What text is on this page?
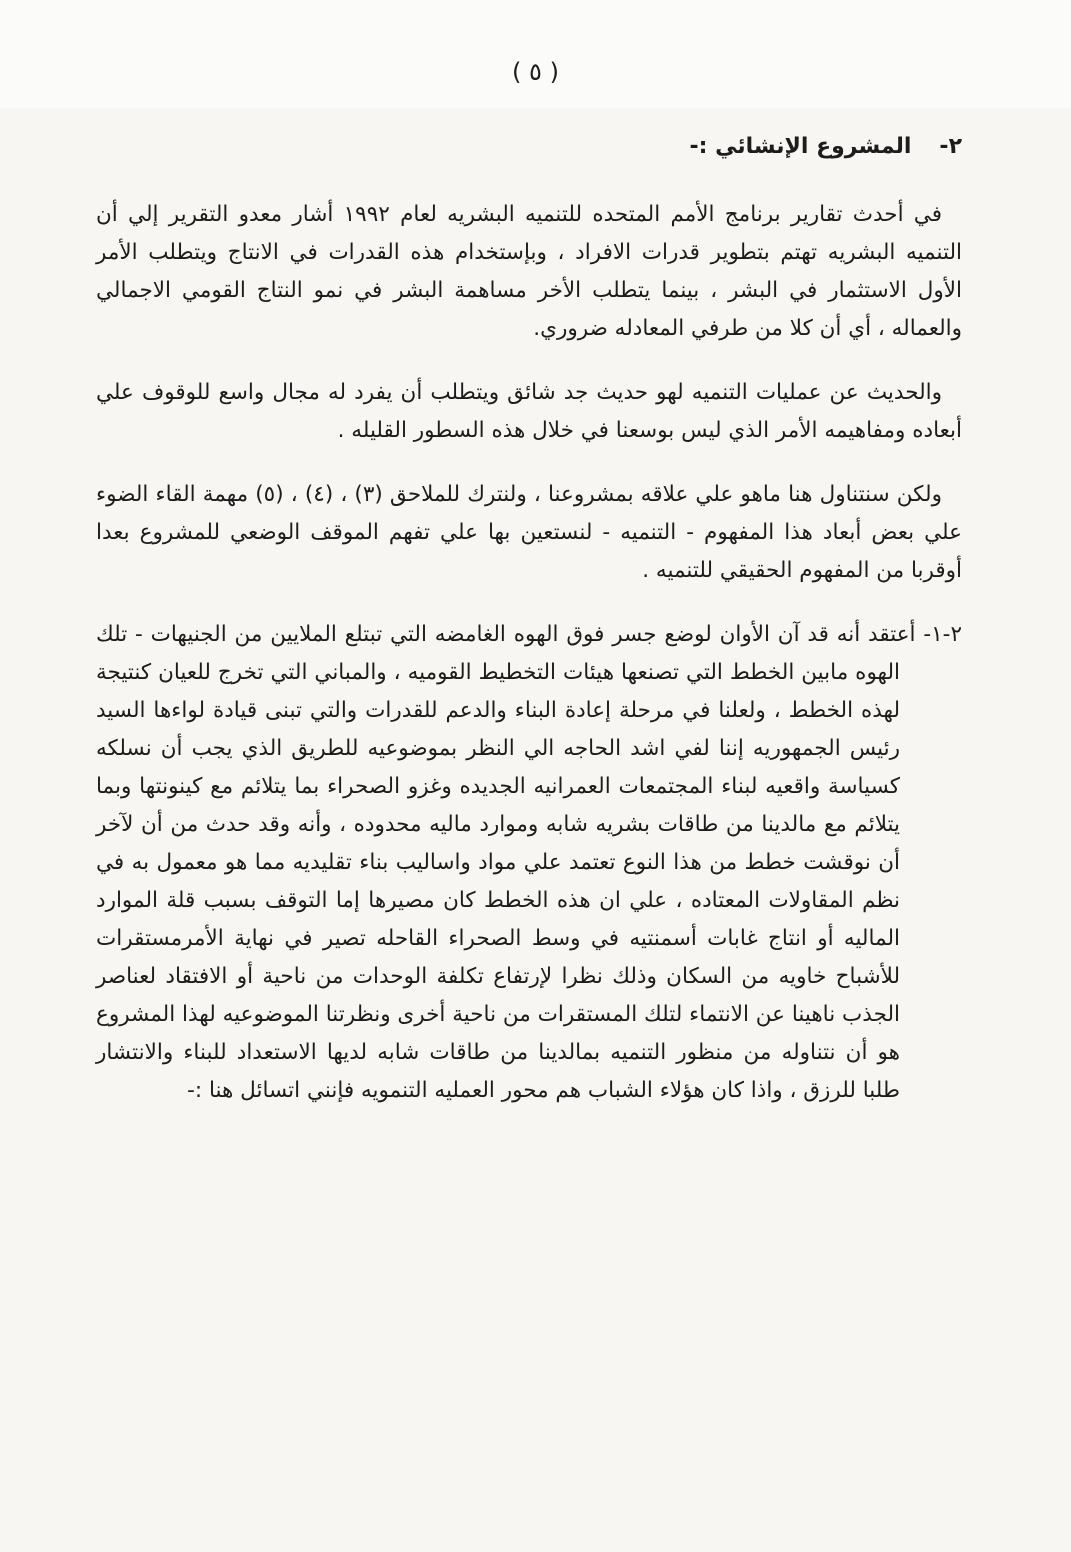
( ٥ )
٢-المشروع الإنشائي :-

في أحدث تقارير برنامج الأمم المتحده للتنميه البشريه لعام ١٩٩٢ أشار معدو التقرير إلي أن التنميه البشريه تهتم بتطوير قدرات الافراد ، وبإستخدام هذه القدرات في الانتاج ويتطلب الأمر الأول الاستثمار في البشر ، بينما يتطلب الأخر مساهمة البشر في نمو النتاج القومي الاجمالي والعماله ، أي أن كلا من طرفي المعادله ضروري.

والحديث عن عمليات التنميه لهو حديث جد شائق ويتطلب أن يفرد له مجال واسع للوقوف علي أبعاده ومفاهيمه الأمر الذي ليس بوسعنا في خلال هذه السطور القليله .

ولكن سنتناول هنا ماهو علي علاقه بمشروعنا ، ولنترك للملاحق (٣) ، (٤) ، (٥) مهمة القاء الضوء علي بعض أبعاد هذا المفهوم - التنميه - لنستعين بها علي تفهم الموقف الوضعي للمشروع بعدا أوقربا من المفهوم الحقيقي للتنميه .

٢-١- أعتقد أنه قد آن الأوان لوضع جسر فوق الهوه الغامضه التي تبتلع الملايين من الجنيهات - تلك الهوه مابين الخطط التي تصنعها هيئات التخطيط القوميه ، والمباني التي تخرج للعيان كنتيجة لهذه الخطط ، ولعلنا في مرحلة إعادة البناء والدعم للقدرات والتي تبنى قيادة لواءها السيد رئيس الجمهوريه إننا لفي اشد الحاجه الي النظر بموضوعيه للطريق الذي يجب أن نسلكه كسياسة واقعيه لبناء المجتمعات العمرانيه الجديده وغزو الصحراء بما يتلائم مع كينونتها وبما يتلائم مع مالدينا من طاقات بشريه شابه وموارد ماليه محدوده ، وأنه وقد حدث من أن لآخر أن نوقشت خطط من هذا النوع تعتمد علي مواد واساليب بناء تقليديه مما هو معمول به في نظم المقاولات المعتاده ، علي ان هذه الخطط كان مصيرها إما التوقف بسبب قلة الموارد الماليه أو انتاج غابات أسمنتيه في وسط الصحراء القاحله تصير في نهاية الأمرمستقرات للأشباح خاويه من السكان وذلك نظرا لإرتفاع تكلفة الوحدات من ناحية أو الافتقاد لعناصر الجذب ناهينا عن الانتماء لتلك المستقرات من ناحية أخرى ونظرتنا الموضوعيه لهذا المشروع هو أن نتناوله من منظور التنميه بمالدينا من طاقات شابه لديها الاستعداد للبناء والانتشار طلبا للرزق ، واذا كان هؤلاء الشباب هم محور العمليه التنمويه فإنني اتسائل هنا :-
